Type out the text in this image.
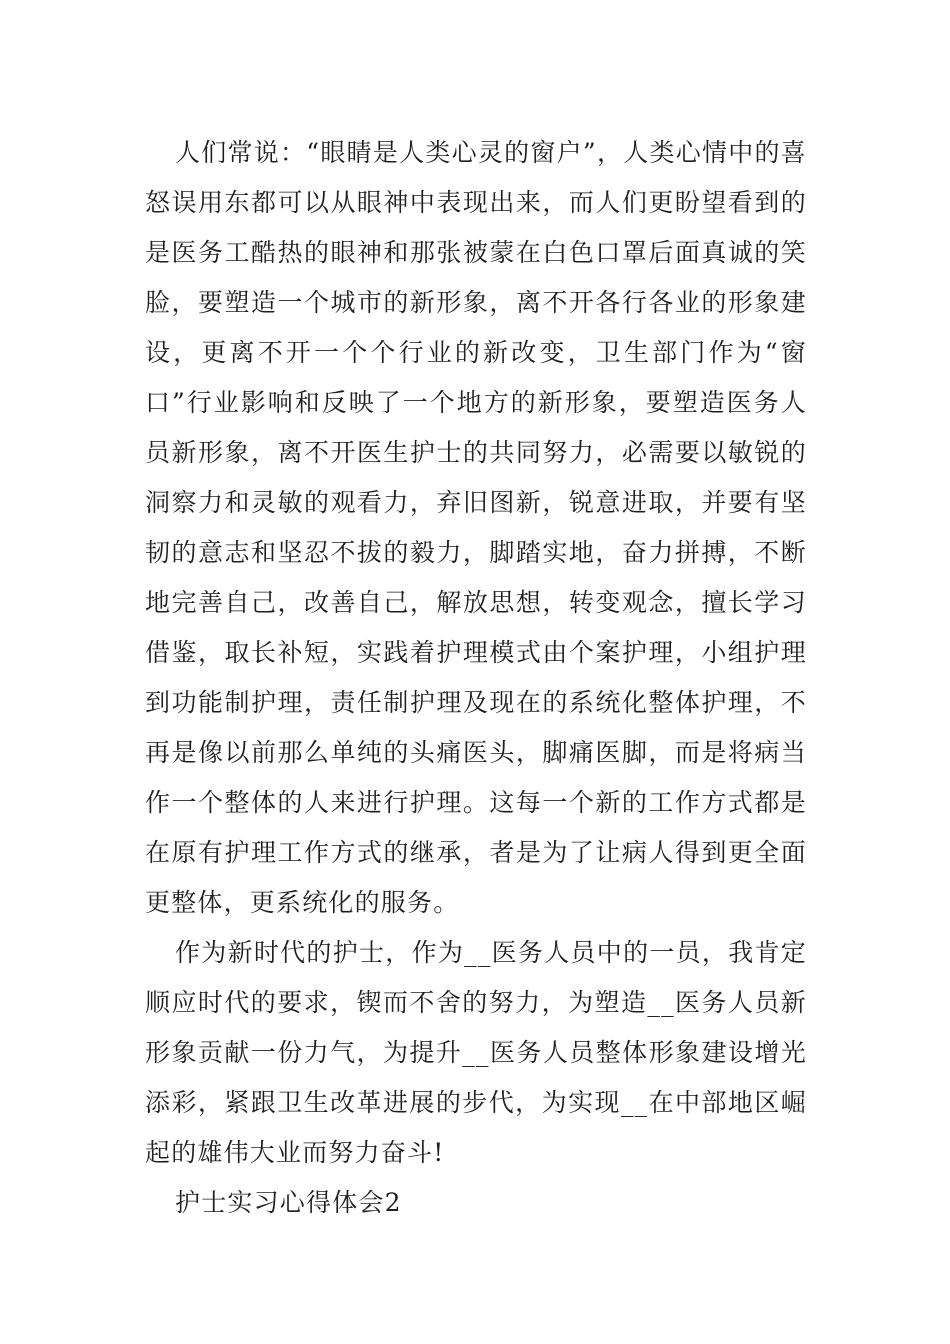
人们常说：“眼睛是人类心灵的窗户”，人类心情中的喜怒误用东都可以从眼神中表现出来，而人们更盼望看到的是医务工酷热的眼神和那张被蒙在白色口罩后面真诚的笑脸，要塑造一个城市的新形象，离不开各行各业的形象建设，更离不开一个个行业的新改变，卫生部门作为“窗口”行业影响和反映了一个地方的新形象，要塑造医务人员新形象，离不开医生护士的共同努力，必需要以敏锐的洞察力和灵敏的观看力，弃旧图新，锐意进取，并要有坚韧的意志和坚忍不拔的毅力，脚踏实地，奋力拼搏，不断地完善自己，改善自己，解放思想，转变观念，擅长学习借鉴，取长补短，实践着护理模式由个案护理，小组护理到功能制护理，责任制护理及现在的系统化整体护理，不再是像以前那么单纯的头痛医头，脚痛医脚，而是将病当作一个整体的人来进行护理。这每一个新的工作方式都是在原有护理工作方式的继承，者是为了让病人得到更全面更整体，更系统化的服务。

作为新时代的护士，作为__医务人员中的一员，我肯定顺应时代的要求，锲而不舍的努力，为塑造__医务人员新形象贡献一份力气，为提升__医务人员整体形象建设增光添彩，紧跟卫生改革进展的步代，为实现__在中部地区崛起的雄伟大业而努力奋斗!

护士实习心得体会2
